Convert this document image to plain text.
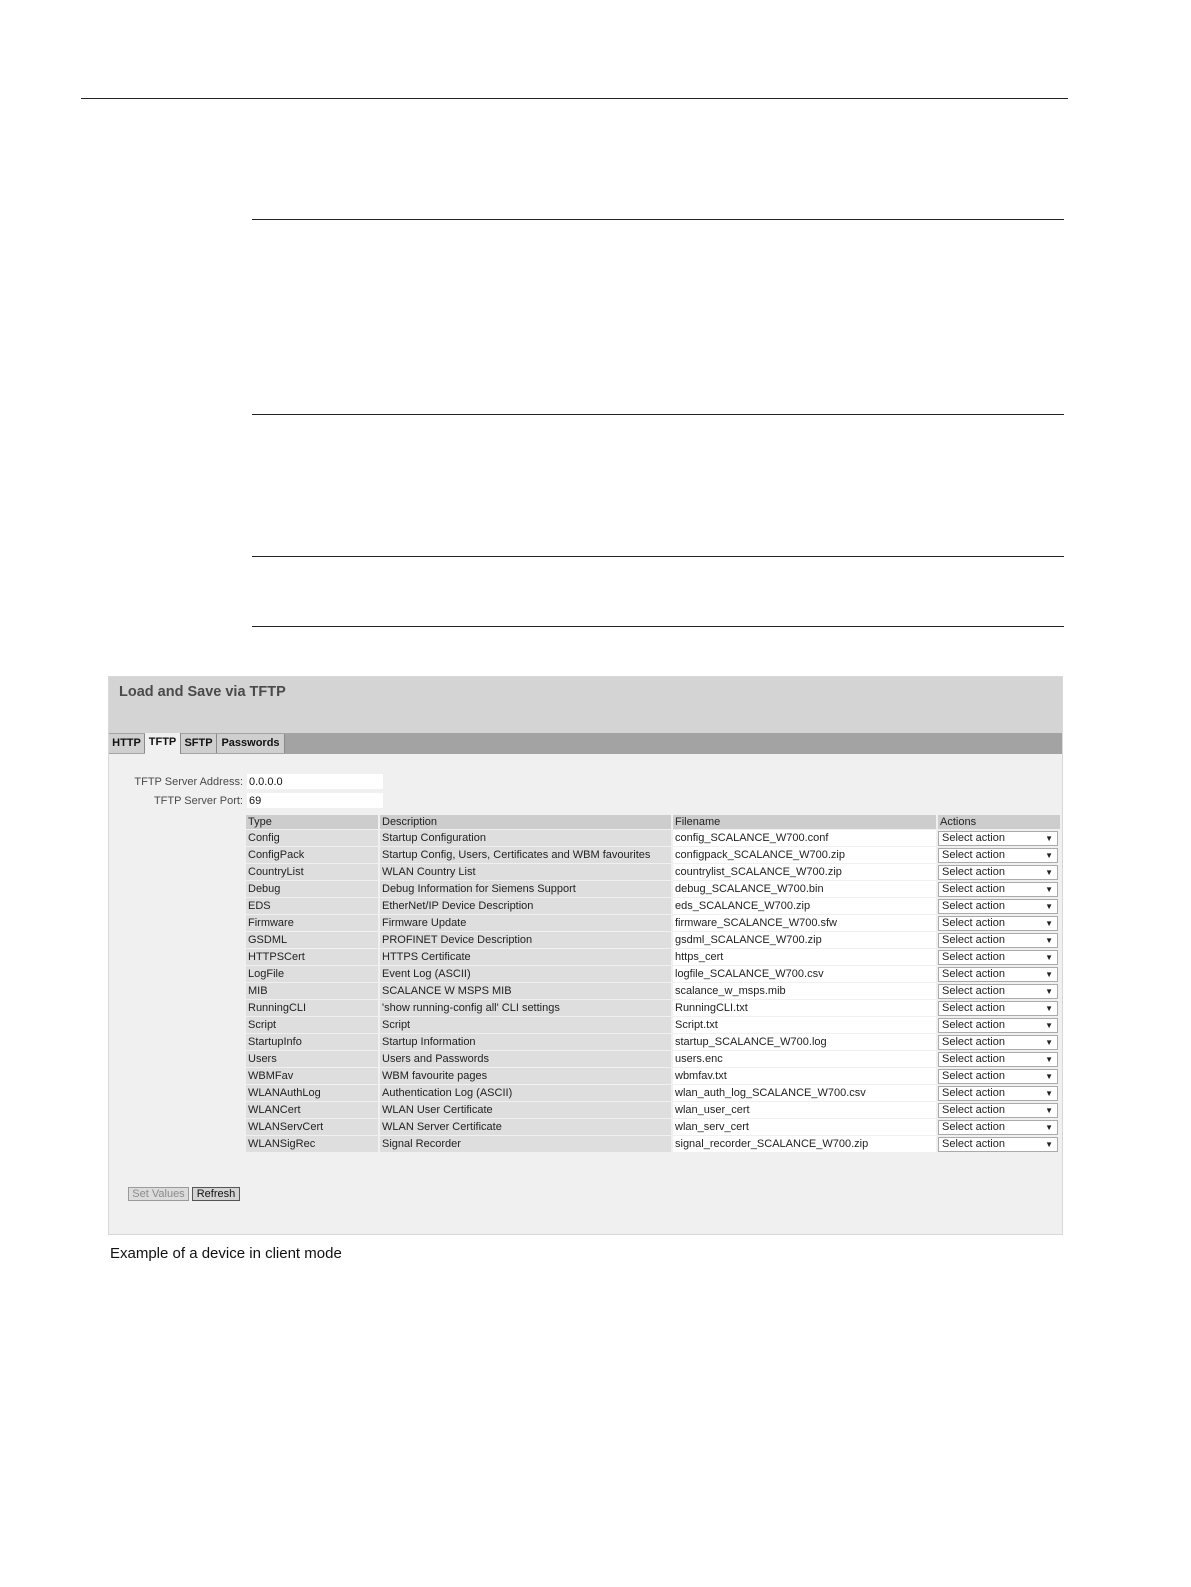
Load and Save via TFTP
HTTP TFTP SFTP Passwords
TFTP Server Address:
0.0.0.0
TFTP Server Port:
69
Type	Description	Filename	Actions
Config	Startup Configuration	config_SCALANCE_W700.conf	Select action ▼

ConfigPack	Startup Config, Users, Certificates and WBM favourites	configpack_SCALANCE_W700.zip	Select action ▼

CountryList	WLAN Country List	countrylist_SCALANCE_W700.zip	Select action ▼

Debug	Debug Information for Siemens Support	debug_SCALANCE_W700.bin	Select action ▼

EDS	EtherNet/IP Device Description	eds_SCALANCE_W700.zip	Select action ▼

Firmware	Firmware Update	firmware_SCALANCE_W700.sfw	Select action ▼

GSDML	PROFINET Device Description	gsdml_SCALANCE_W700.zip	Select action ▼

HTTPSCert	HTTPS Certificate	https_cert	Select action ▼

LogFile	Event Log (ASCII)	logfile_SCALANCE_W700.csv	Select action ▼

MIB	SCALANCE W MSPS MIB	scalance_w_msps.mib	Select action ▼

RunningCLI	'show running-config all' CLI settings	RunningCLI.txt	Select action ▼

Script	Script	Script.txt	Select action ▼

StartupInfo	Startup Information	startup_SCALANCE_W700.log	Select action ▼

Users	Users and Passwords	users.enc	Select action ▼

WBMFav	WBM favourite pages	wbmfav.txt	Select action ▼

WLANAuthLog	Authentication Log (ASCII)	wlan_auth_log_SCALANCE_W700.csv	Select action ▼

WLANCert	WLAN User Certificate	wlan_user_cert	Select action ▼

WLANServCert	WLAN Server Certificate	wlan_serv_cert	Select action ▼

WLANSigRec	Signal Recorder	signal_recorder_SCALANCE_W700.zip	Select action ▼
Set Values	Refresh
Example of a device in client mode
